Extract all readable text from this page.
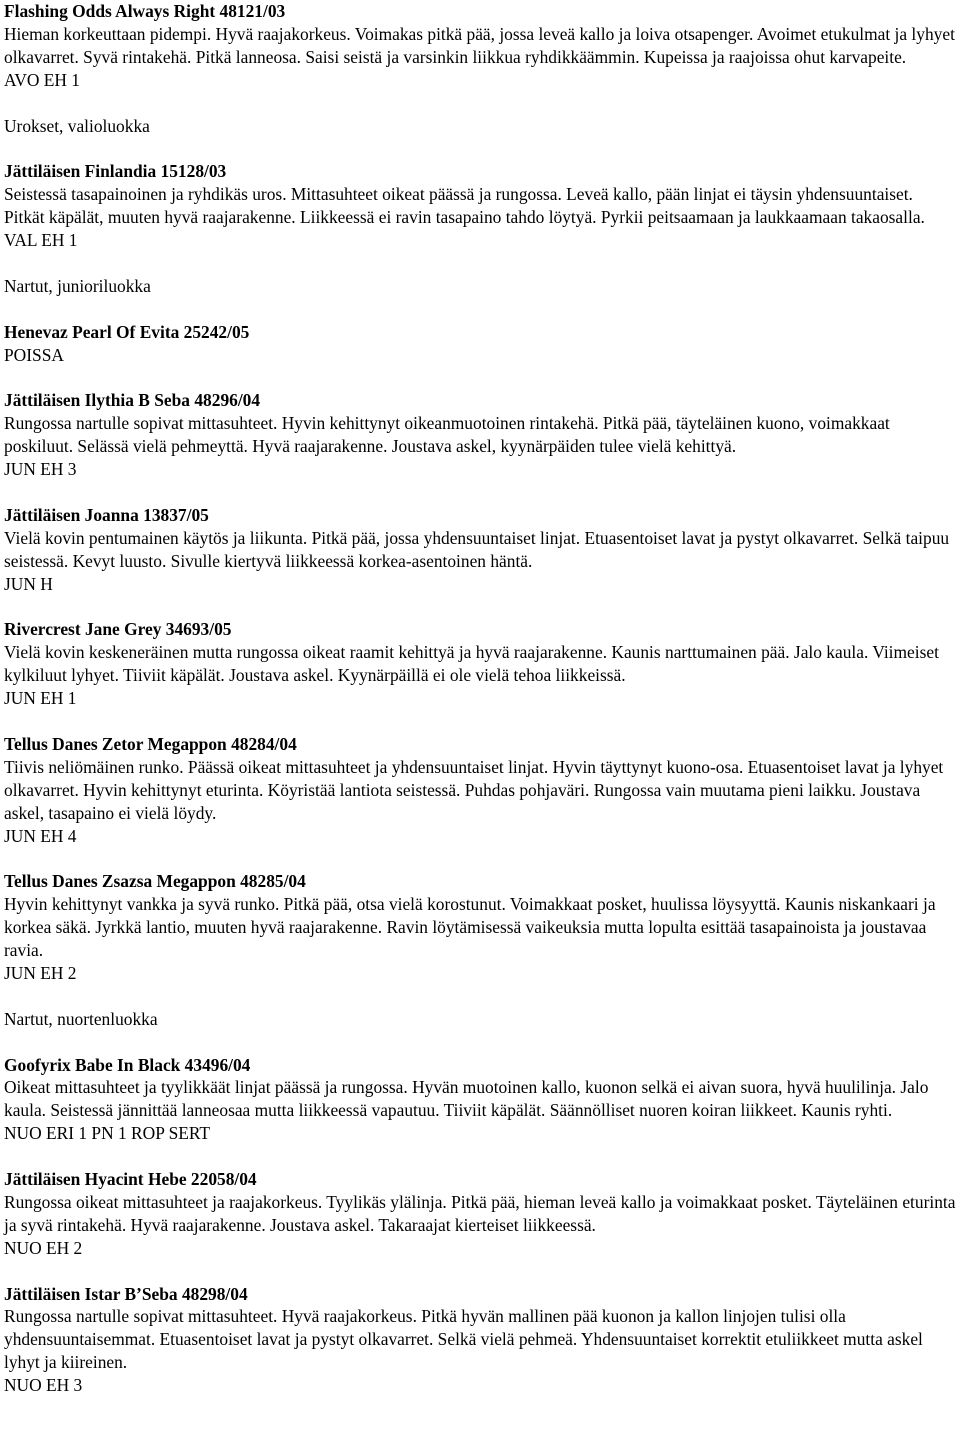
Flashing Odds Always Right 48121/03
Hieman korkeuttaan pidempi. Hyvä raajakorkeus. Voimakas pitkä pää, jossa leveä kallo ja loiva otsapenger. Avoimet etukulmat ja lyhyet olkavarret. Syvä rintakehä. Pitkä lanneosa. Saisi seistä ja varsinkin liikkua ryhdikkäämmin. Kupeissa ja raajoissa ohut karvapeite.
AVO EH 1
Urokset, valioluokka
Jättiläisen Finlandia 15128/03
Seistessä tasapainoinen ja ryhdikäs uros. Mittasuhteet oikeat päässä ja rungossa. Leveä kallo, pään linjat ei täysin yhdensuuntaiset. Pitkät käpälät, muuten hyvä raajarakenne. Liikkeessä ei ravin tasapaino tahdo löytyä. Pyrkii peitsaamaan ja laukkaamaan takaosalla.
VAL EH 1
Nartut, junioriluokka
Henevaz Pearl Of Evita 25242/05
POISSA
Jättiläisen Ilythia B Seba 48296/04
Rungossa nartulle sopivat mittasuhteet. Hyvin kehittynyt oikeanmuotoinen rintakehä. Pitkä pää, täyteläinen kuono, voimakkaat poskiluut. Selässä vielä pehmeyttä. Hyvä raajarakenne. Joustava askel, kyynärpäiden tulee vielä kehittyä.
JUN EH 3
Jättiläisen Joanna 13837/05
Vielä kovin pentumainen käytös ja liikunta. Pitkä pää, jossa yhdensuuntaiset linjat. Etuasentoiset lavat ja pystyt olkavarret. Selkä taipuu seistessä. Kevyt luusto. Sivulle kiertyvä liikkeessä korkea-asentoinen häntä.
JUN H
Rivercrest Jane Grey 34693/05
Vielä kovin keskeneräinen mutta rungossa oikeat raamit kehittyä ja hyvä raajarakenne. Kaunis narttumainen pää. Jalo kaula. Viimeiset kylkiluut lyhyet. Tiiviit käpälät. Joustava askel. Kyynärpäillä ei ole vielä tehoa liikkeissä.
JUN EH 1
Tellus Danes Zetor Megappon 48284/04
Tiivis neliömäinen runko. Päässä oikeat mittasuhteet ja yhdensuuntaiset linjat. Hyvin täyttynyt kuono-osa. Etuasentoiset lavat ja lyhyet olkavarret. Hyvin kehittynyt eturinta. Köyristää lantiota seistessä. Puhdas pohjaväri. Rungossa vain muutama pieni laikku. Joustava askel, tasapaino ei vielä löydy.
JUN EH 4
Tellus Danes Zsazsa Megappon 48285/04
Hyvin kehittynyt vankka ja syvä runko. Pitkä pää, otsa vielä korostunut. Voimakkaat posket, huulissa löysyyttä. Kaunis niskankaari ja korkea säkä. Jyrkkä lantio, muuten hyvä raajarakenne. Ravin löytämisessä vaikeuksia mutta lopulta esittää tasapainoista ja joustavaa ravia.
JUN EH 2
Nartut, nuortenluokka
Goofyrix Babe In Black 43496/04
Oikeat mittasuhteet ja tyylikkäät linjat päässä ja rungossa. Hyvän muotoinen kallo, kuonon selkä ei aivan suora, hyvä huulilinja. Jalo kaula. Seistessä jännittää lanneosaa mutta liikkeessä vapautuu. Tiiviit käpälät. Säännölliset nuoren koiran liikkeet. Kaunis ryhti.
NUO ERI 1 PN 1 ROP SERT
Jättiläisen Hyacint Hebe 22058/04
Rungossa oikeat mittasuhteet ja raajakorkeus. Tyylikäs ylälinja. Pitkä pää, hieman leveä kallo ja voimakkaat posket. Täyteläinen eturinta ja syvä rintakehä. Hyvä raajarakenne. Joustava askel. Takaraajat kierteiset liikkeessä.
NUO EH 2
Jättiläisen Istar B’Seba 48298/04
Rungossa nartulle sopivat mittasuhteet. Hyvä raajakorkeus. Pitkä hyvän mallinen pää kuonon ja kallon linjojen tulisi olla yhdensuuntaisemmat. Etuasentoiset lavat ja pystyt olkavarret. Selkä vielä pehmeä. Yhdensuuntaiset korrektit etuliikkeet mutta askel lyhyt ja kiireinen.
NUO EH 3
